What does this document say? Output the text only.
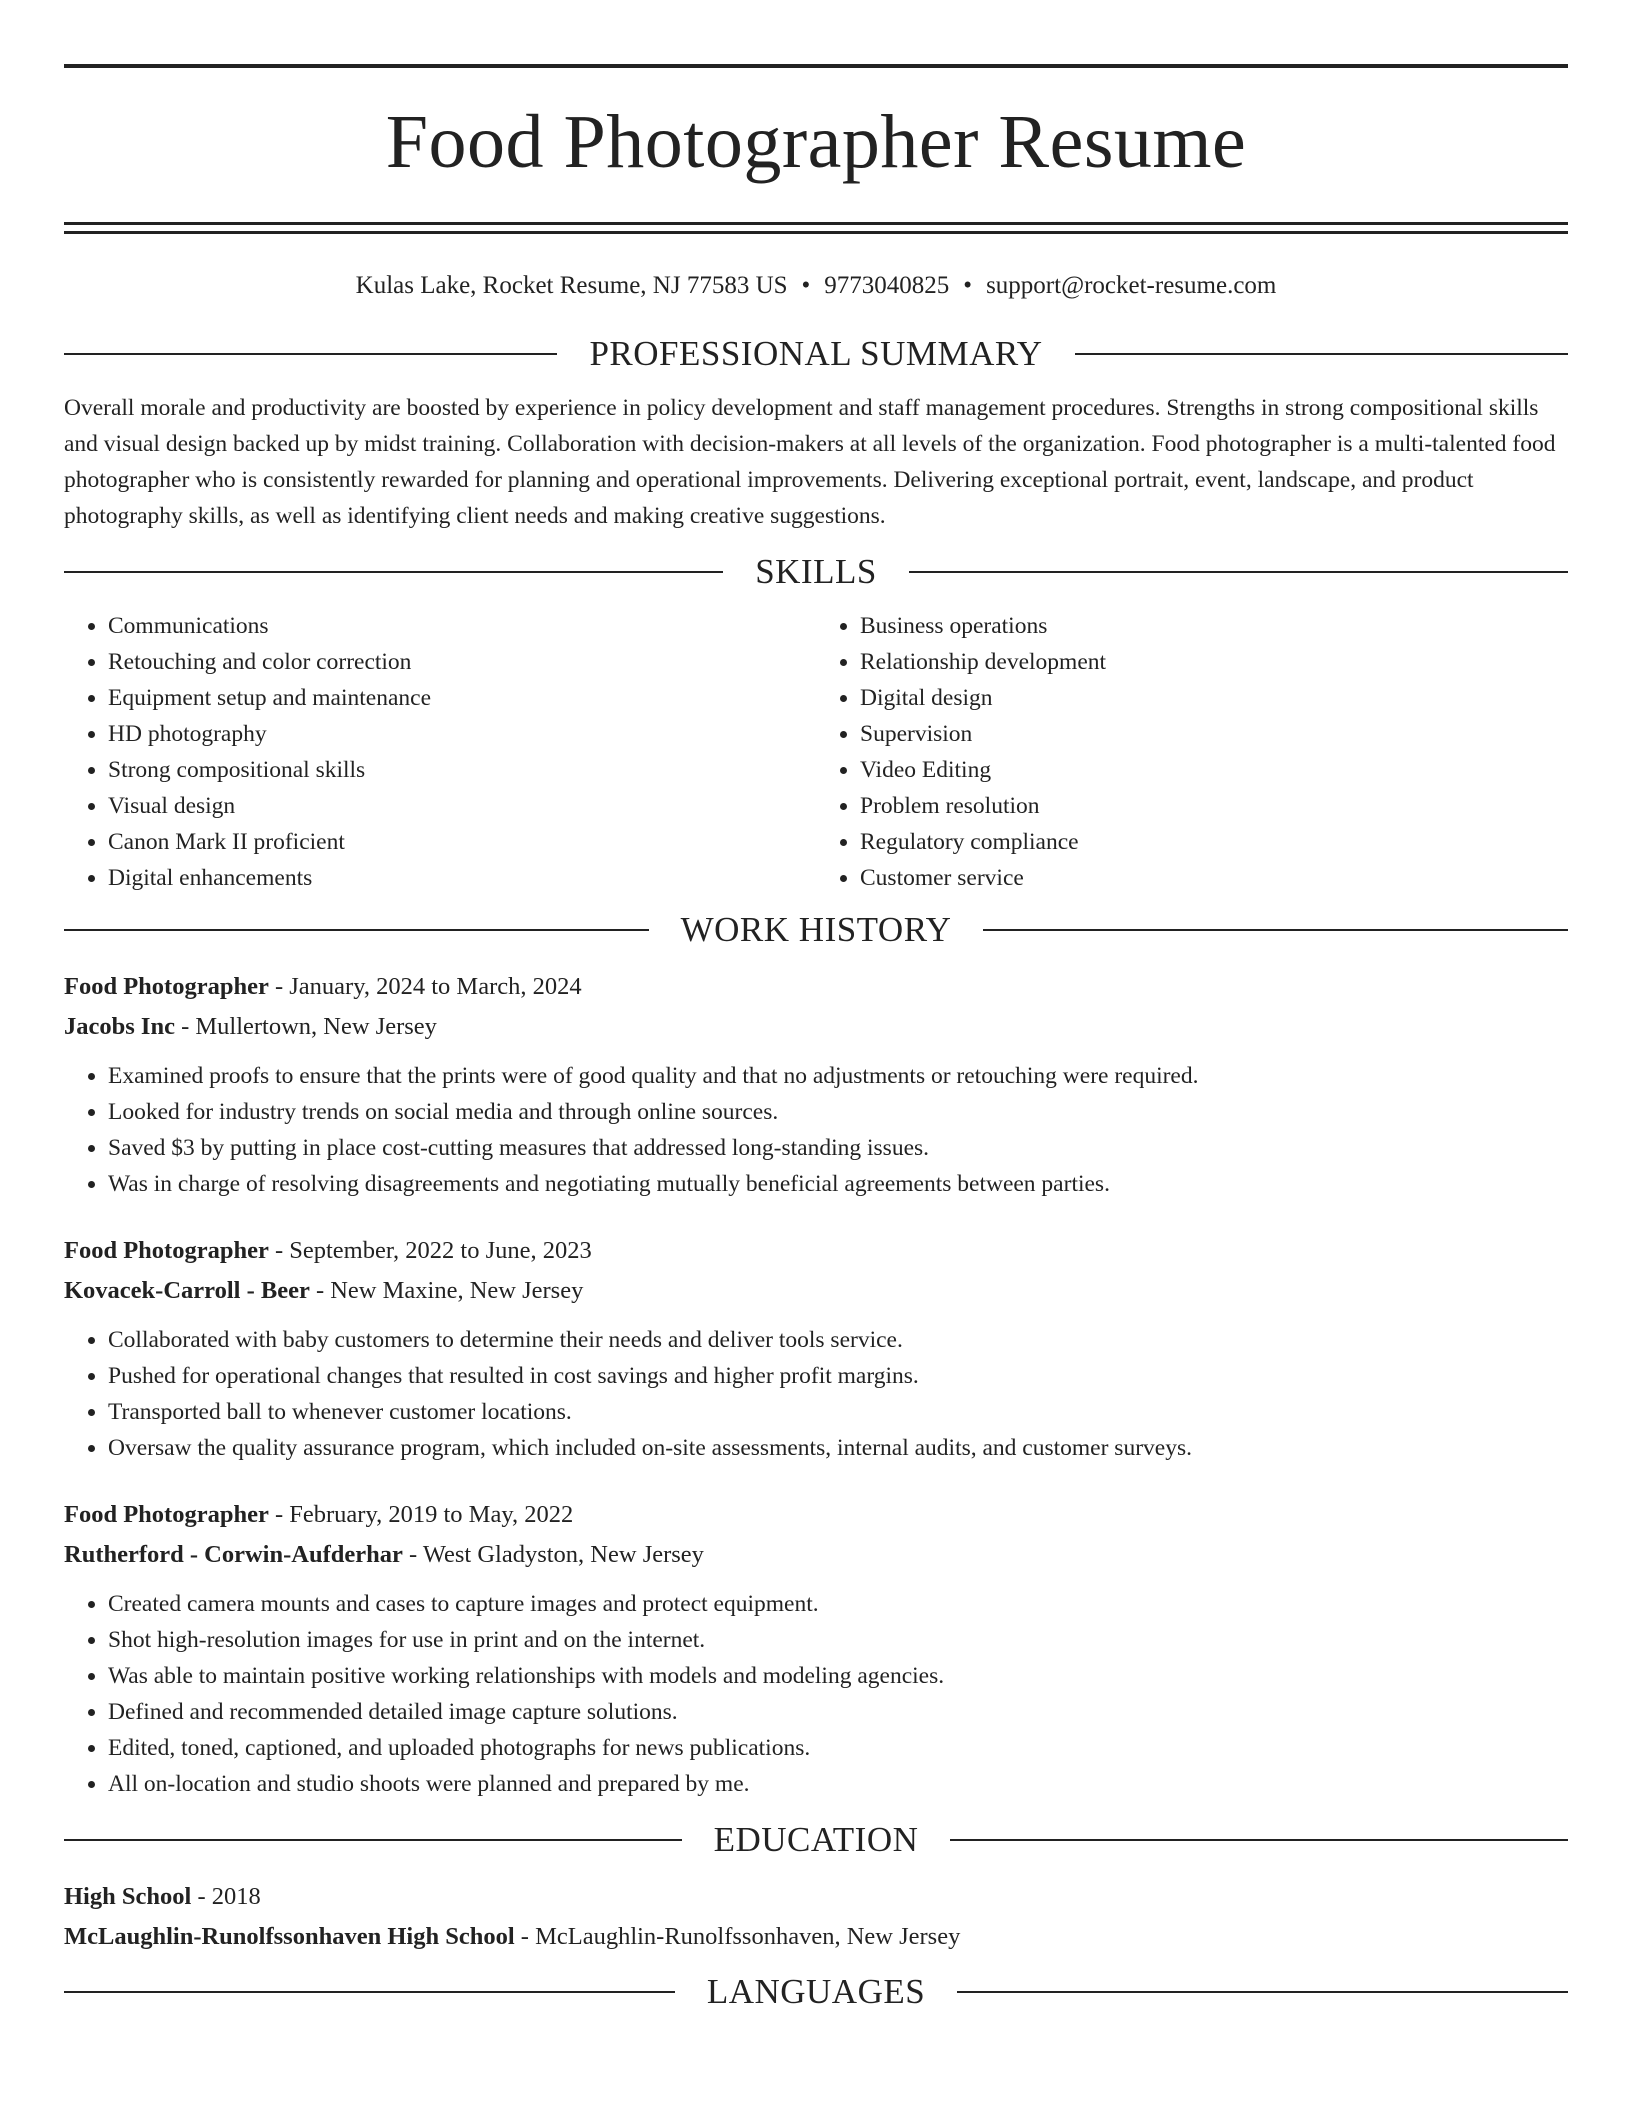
Food Photographer Resume
Kulas Lake, Rocket Resume, NJ 77583 US • 9773040825 • support@rocket-resume.com
PROFESSIONAL SUMMARY

Overall morale and productivity are boosted by experience in policy development and staff management procedures. Strengths in strong compositional skills and visual design backed up by midst training. Collaboration with decision-makers at all levels of the organization. Food photographer is a multi-talented food photographer who is consistently rewarded for planning and operational improvements. Delivering exceptional portrait, event, landscape, and product photography skills, as well as identifying client needs and making creative suggestions.

SKILLS
• Communications
• Retouching and color correction
• Equipment setup and maintenance
• HD photography
• Strong compositional skills
• Visual design
• Canon Mark II proficient
• Digital enhancements
• Business operations
• Relationship development
• Digital design
• Supervision
• Video Editing
• Problem resolution
• Regulatory compliance
• Customer service
WORK HISTORY

Food Photographer - January, 2024 to March, 2024

Jacobs Inc - Mullertown, New Jersey

• Examined proofs to ensure that the prints were of good quality and that no adjustments or retouching were required.
• Looked for industry trends on social media and through online sources.
• Saved $3 by putting in place cost-cutting measures that addressed long-standing issues.
• Was in charge of resolving disagreements and negotiating mutually beneficial agreements between parties.

Food Photographer - September, 2022 to June, 2023

Kovacek-Carroll - Beer - New Maxine, New Jersey

• Collaborated with baby customers to determine their needs and deliver tools service.
• Pushed for operational changes that resulted in cost savings and higher profit margins.
• Transported ball to whenever customer locations.
• Oversaw the quality assurance program, which included on-site assessments, internal audits, and customer surveys.

Food Photographer - February, 2019 to May, 2022

Rutherford - Corwin-Aufderhar - West Gladyston, New Jersey

• Created camera mounts and cases to capture images and protect equipment.
• Shot high-resolution images for use in print and on the internet.
• Was able to maintain positive working relationships with models and modeling agencies.
• Defined and recommended detailed image capture solutions.
• Edited, toned, captioned, and uploaded photographs for news publications.
• All on-location and studio shoots were planned and prepared by me.
EDUCATION

High School - 2018

McLaughlin-Runolfssonhaven High School - McLaughlin-Runolfssonhaven, New Jersey

LANGUAGES
